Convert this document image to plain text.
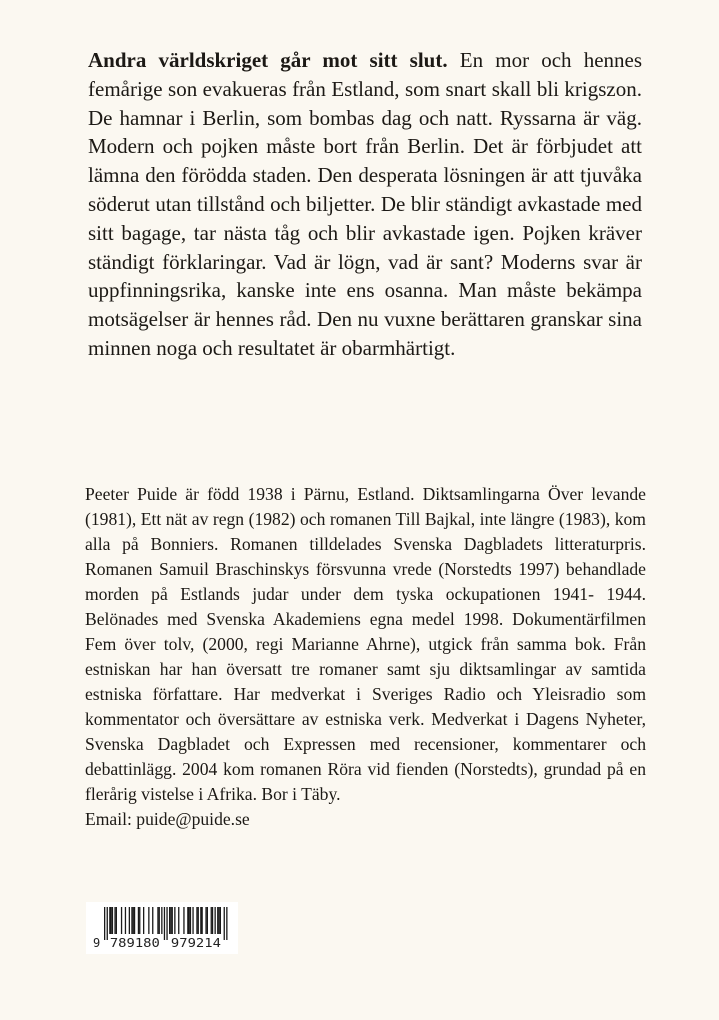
Andra världskriget går mot sitt slut. En mor och hennes femårige son evakueras från Estland, som snart skall bli krigszon. De hamnar i Berlin, som bombas dag och natt. Ryssarna är väg. Modern och pojken måste bort från Berlin. Det är förbjudet att lämna den förödda staden. Den desperata lösningen är att tjuvåka söderut utan tillstånd och biljetter. De blir ständigt avkastade med sitt bagage, tar nästa tåg och blir avkastade igen. Pojken kräver ständigt förklaringar. Vad är lögn, vad är sant? Moderns svar är uppfinningsrika, kanske inte ens osanna. Man måste bekämpa motsägelser är hennes råd. Den nu vuxne berättaren granskar sina minnen noga och resultatet är obarmhärtigt.

Peeter Puide är född 1938 i Pärnu, Estland. Diktsamlingarna Över levande (1981), Ett nät av regn (1982) och romanen Till Bajkal, inte längre (1983), kom alla på Bonniers. Romanen tilldelades Svenska Dagbladets litteraturpris. Romanen Samuil Braschinskys försvunna vrede (Norstedts 1997) behandlade morden på Estlands judar under dem tyska ockupationen 1941- 1944. Belönades med Svenska Akademiens egna medel 1998. Dokumentärfilmen Fem över tolv, (2000, regi Marianne Ahrne), utgick från samma bok. Från estniskan har han översatt tre romaner samt sju diktsamlingar av samtida estniska författare. Har medverkat i Sveriges Radio och Yleisradio som kommentator och översättare av estniska verk. Medverkat i Dagens Nyheter, Svenska Dagbladet och Expressen med recensioner, kommentarer och debattinlägg. 2004 kom romanen Röra vid fienden (Norstedts), grundad på en flerårig vistelse i Afrika. Bor i Täby.
Email: puide@puide.se

9 789180 979214
